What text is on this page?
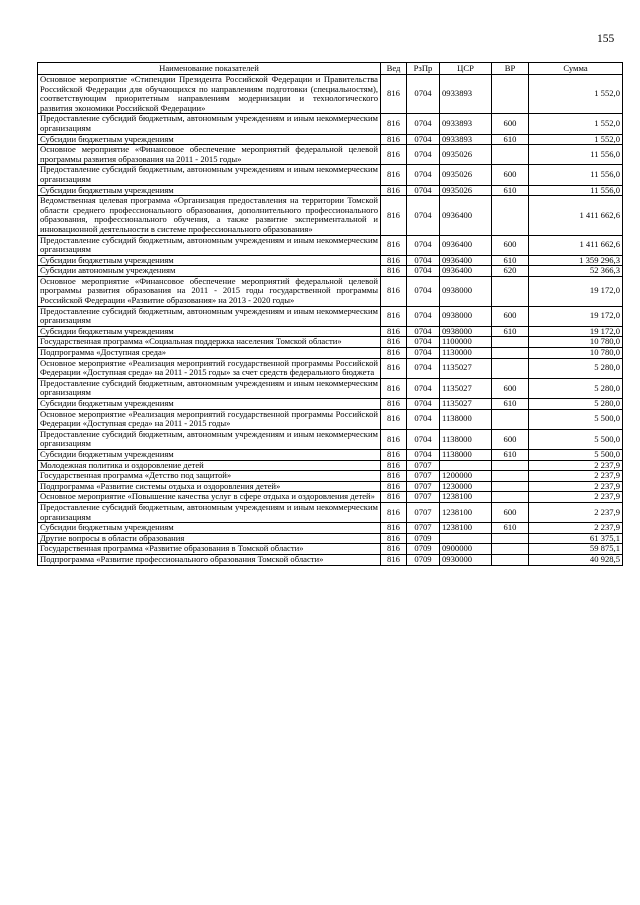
155
Наименование показателей	Вед	РзПр	ЦСР	ВР	Сумма
Основное мероприятие «Стипендии Президента Российской Федерации и Правительства Российской Федерации для обучающихся по направлениям подготовки (специальностям), соответствующим приоритетным направлениям модернизации и технологического развития экономики Российской Федерации»	816	0704	0933893		1 552,0
Предоставление субсидий бюджетным, автономным учреждениям и иным некоммерческим организациям	816	0704	0933893	600	1 552,0
Субсидии бюджетным учреждениям	816	0704	0933893	610	1 552,0
Основное мероприятие «Финансовое обеспечение мероприятий федеральной целевой программы развития образования на 2011 - 2015 годы»	816	0704	0935026		11 556,0
Предоставление субсидий бюджетным, автономным учреждениям и иным некоммерческим организациям	816	0704	0935026	600	11 556,0
Субсидии бюджетным учреждениям	816	0704	0935026	610	11 556,0
Ведомственная целевая программа «Организация предоставления на территории Томской области среднего профессионального образования, дополнительного профессионального образования, профессионального обучения, а также развитие экспериментальной и инновационной деятельности в системе профессионального образования»	816	0704	0936400		1 411 662,6
Предоставление субсидий бюджетным, автономным учреждениям и иным некоммерческим организациям	816	0704	0936400	600	1 411 662,6
Субсидии бюджетным учреждениям	816	0704	0936400	610	1 359 296,3
Субсидии автономным учреждениям	816	0704	0936400	620	52 366,3
Основное мероприятие «Финансовое обеспечение мероприятий федеральной целевой программы развития образования на 2011 - 2015 годы государственной программы Российской Федерации «Развитие образования» на 2013 - 2020 годы»	816	0704	0938000		19 172,0
Предоставление субсидий бюджетным, автономным учреждениям и иным некоммерческим организациям	816	0704	0938000	600	19 172,0
Субсидии бюджетным учреждениям	816	0704	0938000	610	19 172,0
Государственная программа «Социальная поддержка населения Томской области»	816	0704	1100000		10 780,0
Подпрограмма «Доступная среда»	816	0704	1130000		10 780,0
Основное мероприятие «Реализация мероприятий государственной программы Российской Федерации «Доступная среда» на 2011 - 2015 годы» за счет средств федерального бюджета	816	0704	1135027		5 280,0
Предоставление субсидий бюджетным, автономным учреждениям и иным некоммерческим организациям	816	0704	1135027	600	5 280,0
Субсидии бюджетным учреждениям	816	0704	1135027	610	5 280,0
Основное мероприятие «Реализация мероприятий государственной программы Российской Федерации «Доступная среда» на 2011 - 2015 годы»	816	0704	1138000		5 500,0
Предоставление субсидий бюджетным, автономным учреждениям и иным некоммерческим организациям	816	0704	1138000	600	5 500,0
Субсидии бюджетным учреждениям	816	0704	1138000	610	5 500,0
Молодежная политика и оздоровление детей	816	0707			2 237,9
Государственная программа «Детство под защитой»	816	0707	1200000		2 237,9
Подпрограмма «Развитие системы отдыха и оздоровления детей»	816	0707	1230000		2 237,9
Основное мероприятие «Повышение качества услуг в сфере отдыха и оздоровления детей»	816	0707	1238100		2 237,9
Предоставление субсидий бюджетным, автономным учреждениям и иным некоммерческим организациям	816	0707	1238100	600	2 237,9
Субсидии бюджетным учреждениям	816	0707	1238100	610	2 237,9
Другие вопросы в области образования	816	0709			61 375,1
Государственная программа «Развитие образования в Томской области»	816	0709	0900000		59 875,1
Подпрограмма «Развитие профессионального образования Томской области»	816	0709	0930000		40 928,5
